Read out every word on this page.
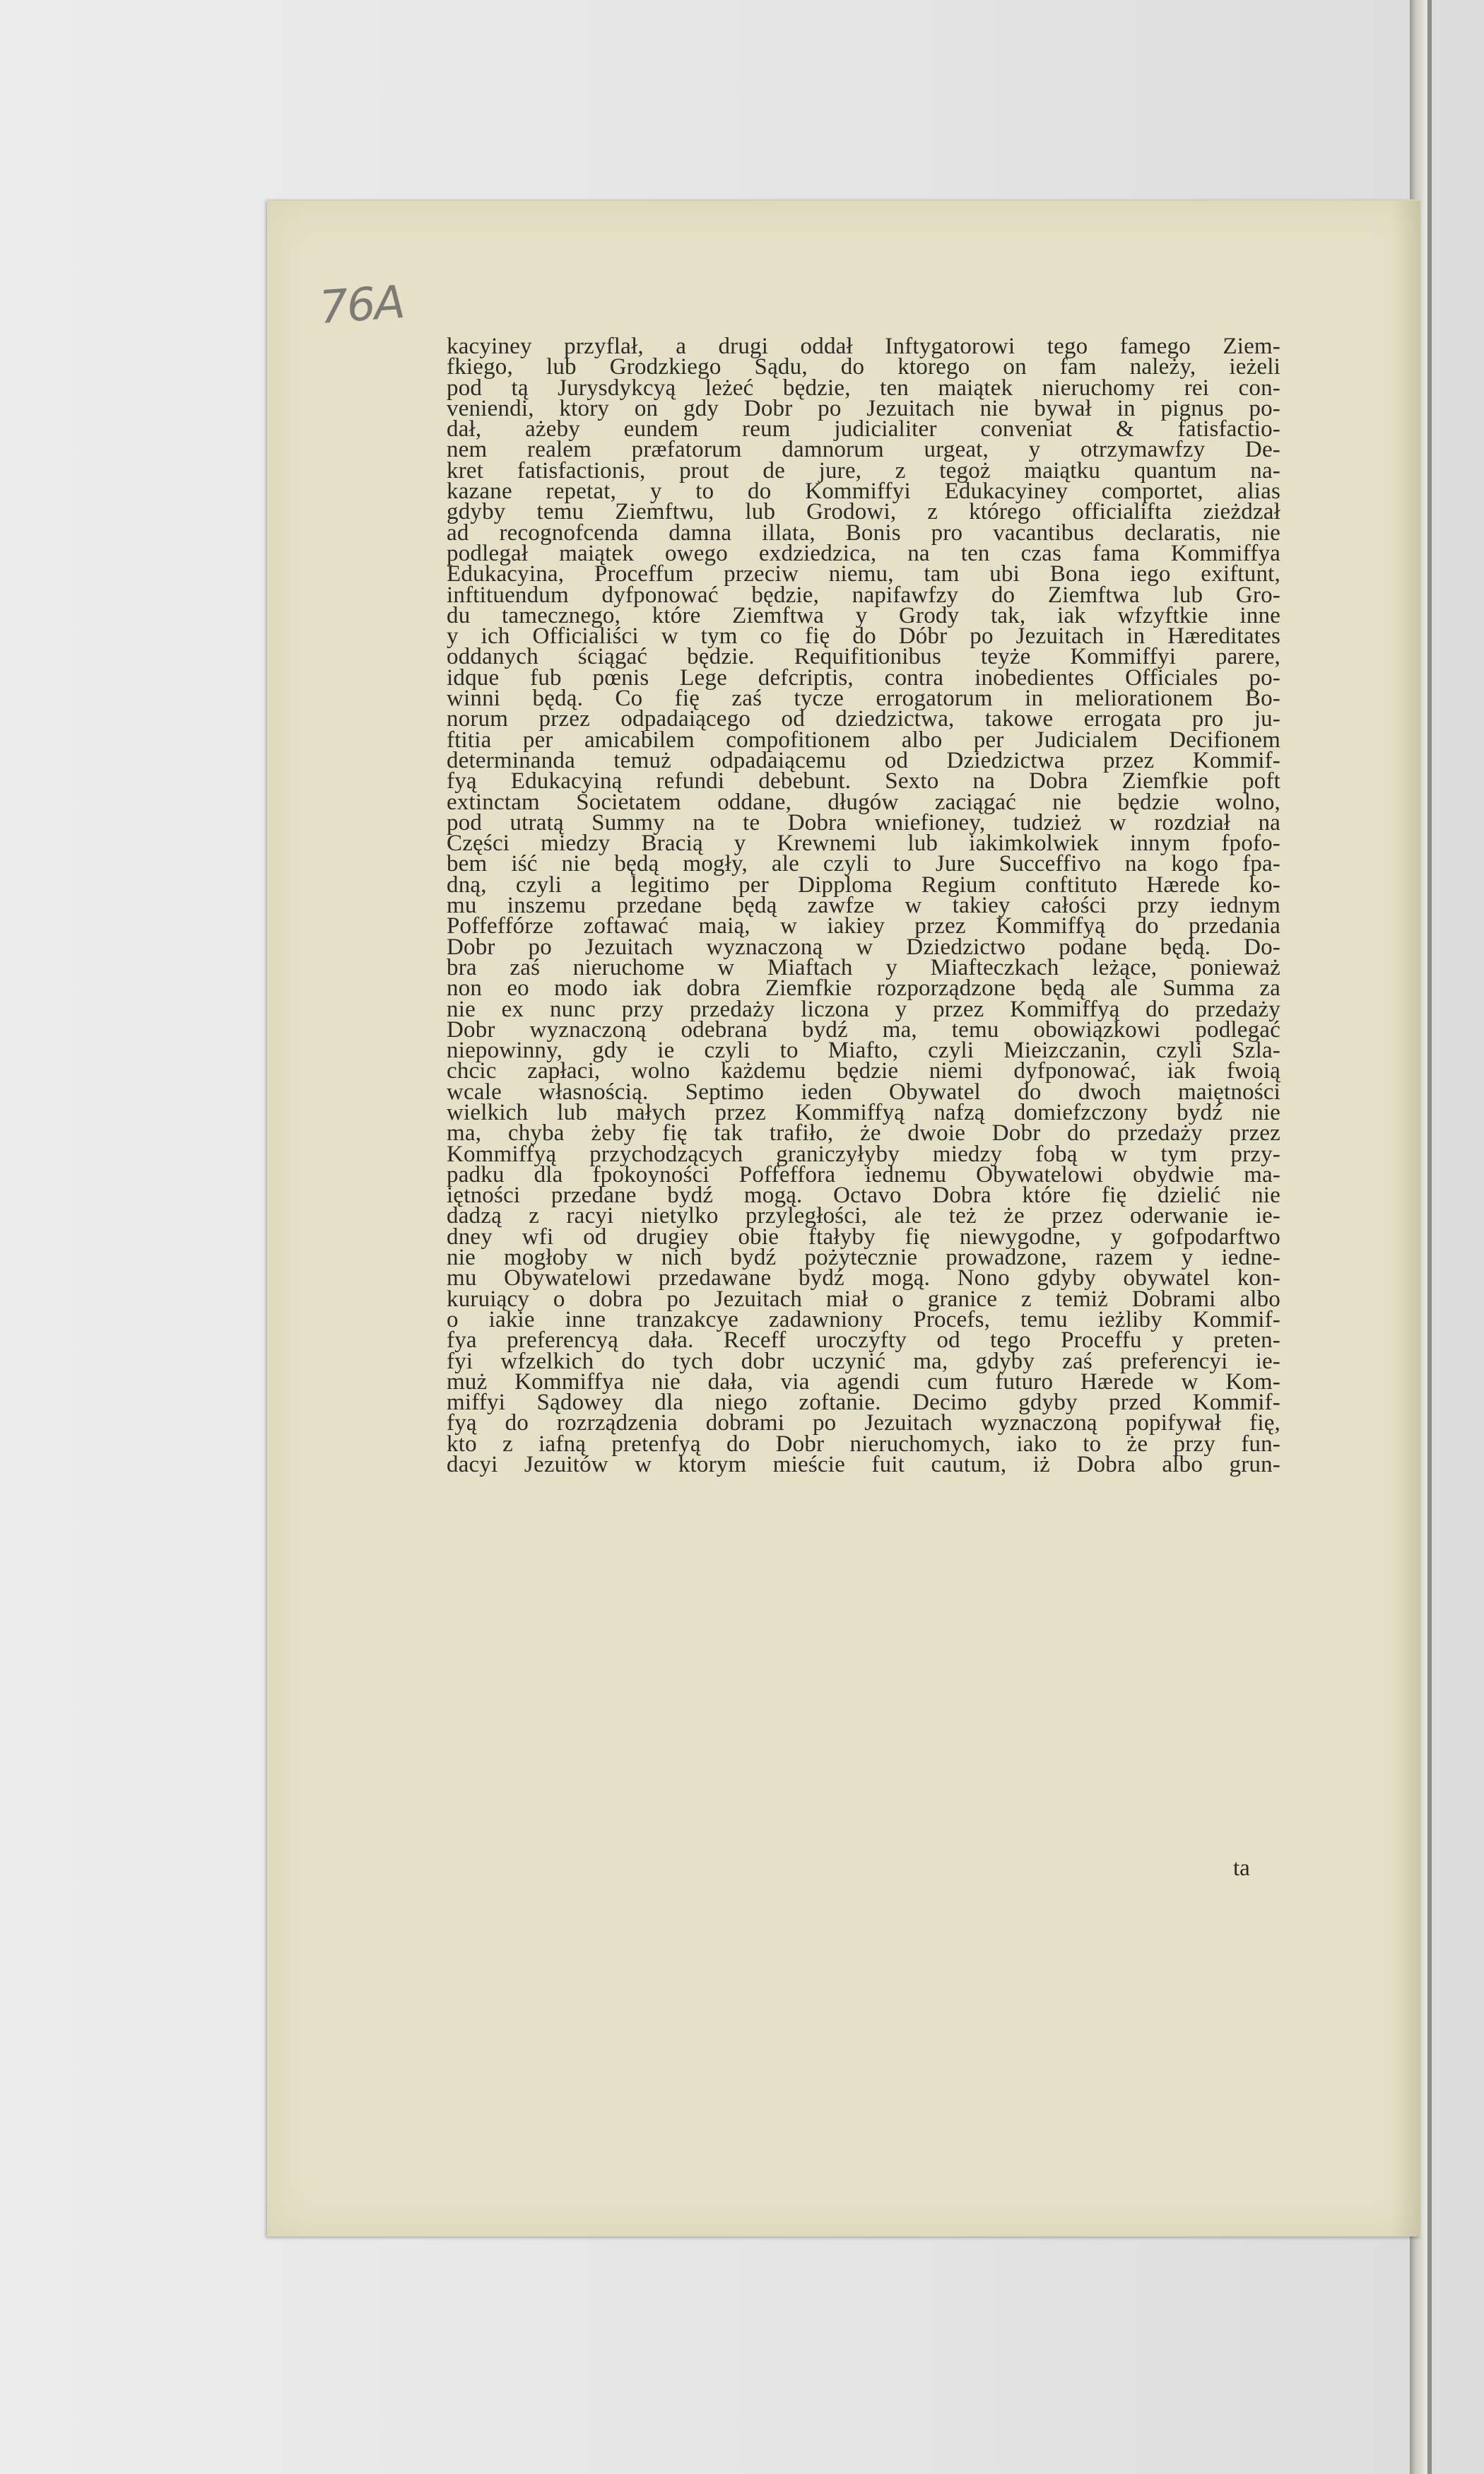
76A
kacyiney przyflał, a drugi oddał Inftygatorowi tego famego Ziem-
fkiego, lub Grodzkiego Sądu, do ktorego on fam należy, ieżeli
pod tą Jurysdykcyą leżeć będzie, ten maiątek nieruchomy rei con-
veniendi, ktory on gdy Dobr po Jezuitach nie bywał in pignus po-
dał, ażeby eundem reum judicialiter conveniat & fatisfactio-
nem realem præfatorum damnorum urgeat, y otrzymawfzy De-
kret fatisfactionis, prout de jure, z tegoż maiątku quantum na-
kazane repetat, y to do Kommiffyi Edukacyiney comportet, alias
gdyby temu Ziemftwu, lub Grodowi, z którego officialifta zieżdzał
ad recognofcenda damna illata, Bonis pro vacantibus declaratis, nie
podlegał maiątek owego exdziedzica, na ten czas fama Kommiffya
Edukacyina, Proceffum przeciw niemu, tam ubi Bona iego exiftunt,
inftituendum dyfponować będzie, napifawfzy do Ziemftwa lub Gro-
du tamecznego, które Ziemftwa y Grody tak, iak wfzyftkie inne
y ich Officialiści w tym co fię do Dóbr po Jezuitach in Hæreditates
oddanych ściągać będzie. Requifitionibus teyże Kommiffyi parere,
idque fub pœnis Lege defcriptis, contra inobedientes Officiales po-
winni będą. Co fię zaś tycze errogatorum in meliorationem Bo-
norum przez odpadaiącego od dziedzictwa, takowe errogata pro ju-
ftitia per amicabilem compofitionem albo per Judicialem Decifionem
determinanda temuż odpadaiącemu od Dziedzictwa przez Kommif-
fyą Edukacyiną refundi debebunt. Sexto na Dobra Ziemfkie poft
extinctam Societatem oddane, długów zaciągać nie będzie wolno,
pod utratą Summy na te Dobra wniefioney, tudzież w rozdział na
Części miedzy Bracią y Krewnemi lub iakimkolwiek innym fpofo-
bem iść nie będą mogły, ale czyli to Jure Succeffivo na kogo fpa-
dną, czyli a legitimo per Dipploma Regium conftituto Hærede ko-
mu inszemu przedane będą zawfze w takiey całości przy iednym
Poffeffórze zoftawać maią, w iakiey przez Kommiffyą do przedania
Dobr po Jezuitach wyznaczoną w Dziedzictwo podane będą. Do-
bra zaś nieruchome w Miaftach y Miafteczkach leżące, ponieważ
non eo modo iak dobra Ziemfkie rozporządzone będą ale Summa za
nie ex nunc przy przedaży liczona y przez Kommiffyą do przedaży
Dobr wyznaczoną odebrana bydź ma, temu obowiązkowi podlegać
niepowinny, gdy ie czyli to Miafto, czyli Mieizczanin, czyli Szla-
chcic zapłaci, wolno każdemu będzie niemi dyfponować, iak fwoią
wcale własnością. Septimo ieden Obywatel do dwoch maiętności
wielkich lub małych przez Kommiffyą nafzą domiefzczony bydź nie
ma, chyba żeby fię tak trafiło, że dwoie Dobr do przedaży przez
Kommiffyą przychodzących graniczyłyby miedzy fobą w tym przy-
padku dla fpokoyności Poffeffora iednemu Obywatelowi obydwie ma-
iętności przedane bydź mogą. Octavo Dobra które fię dzielić nie
dadzą z racyi nietylko przyległości, ale też że przez oderwanie ie-
dney wfi od drugiey obie ftałyby fię niewygodne, y gofpodarftwo
nie mogłoby w nich bydź pożytecznie prowadzone, razem y iedne-
mu Obywatelowi przedawane bydź mogą. Nono gdyby obywatel kon-
kuruiący o dobra po Jezuitach miał o granice z temiż Dobrami albo
o iakie inne tranzakcye zadawniony Procefs, temu ieżliby Kommif-
fya preferencyą dała. Receff uroczyfty od tego Proceffu y preten-
fyi wfzelkich do tych dobr uczynić ma, gdyby zaś preferencyi ie-
muż Kommiffya nie dała, via agendi cum futuro Hærede w Kom-
miffyi Sądowey dla niego zoftanie. Decimo gdyby przed Kommif-
fyą do rozrządzenia dobrami po Jezuitach wyznaczoną popifywał fię,
kto z iafną pretenfyą do Dobr nieruchomych, iako to że przy fun-
dacyi Jezuitów w ktorym mieście fuit cautum, iż Dobra albo grun-
ta
